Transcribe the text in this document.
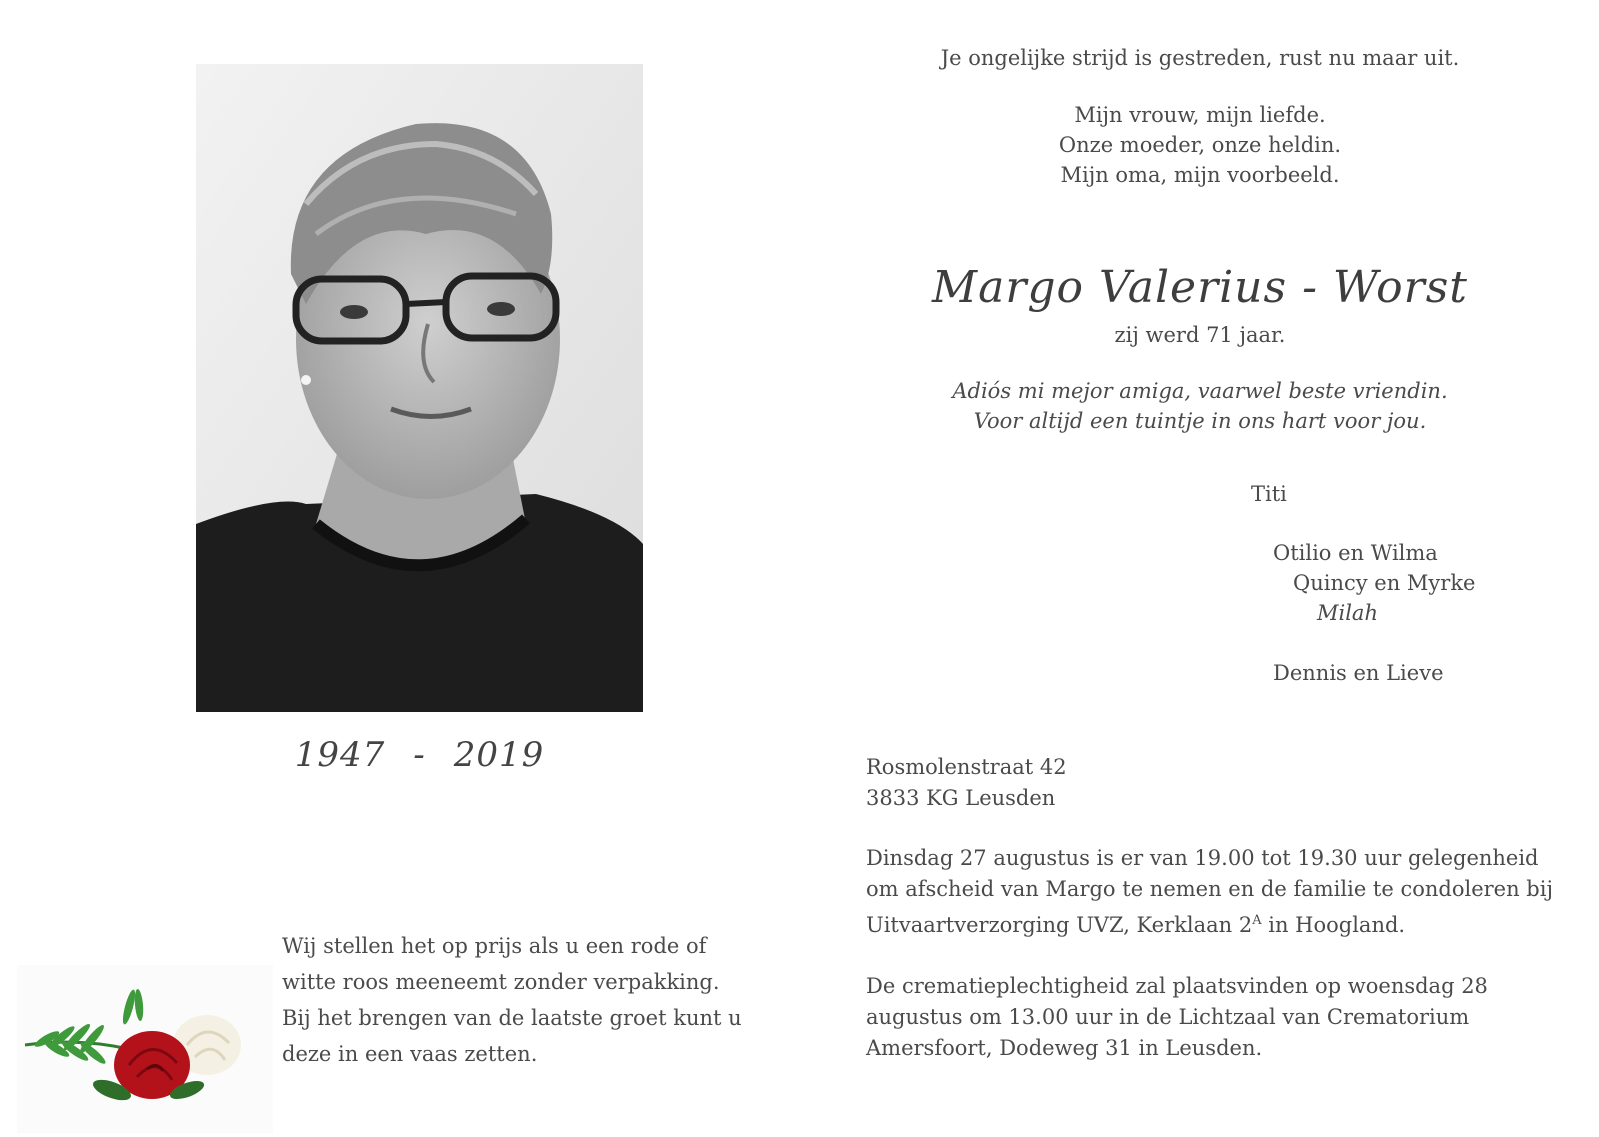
1947 - 2019
Je ongelijke strijd is gestreden, rust nu maar uit.
Mijn vrouw, mijn liefde.
Onze moeder, onze heldin.
Mijn oma, mijn voorbeeld.
Margo Valerius - Worst
zij werd 71 jaar.
Adiós mi mejor amiga, vaarwel beste vriendin.
Voor altijd een tuintje in ons hart voor jou.
Titi
Otilio en Wilma
Quincy en Myrke
Milah
Dennis en Lieve
Rosmolenstraat 42
3833 KG Leusden
Dinsdag 27 augustus is er van 19.00 tot 19.30 uur gelegenheid om afscheid van Margo te nemen en de familie te condoleren bij Uitvaartverzorging UVZ, Kerklaan $2^A$ in Hoogland.
De crematieplechtigheid zal plaatsvinden op woensdag 28 augustus om 13.00 uur in de Lichtzaal van Crematorium Amersfoort, Dodeweg 31 in Leusden.
Wij stellen het op prijs als u een rode of witte roos meeneemt zonder verpakking. Bij het brengen van de laatste groet kunt u deze in een vaas zetten.
